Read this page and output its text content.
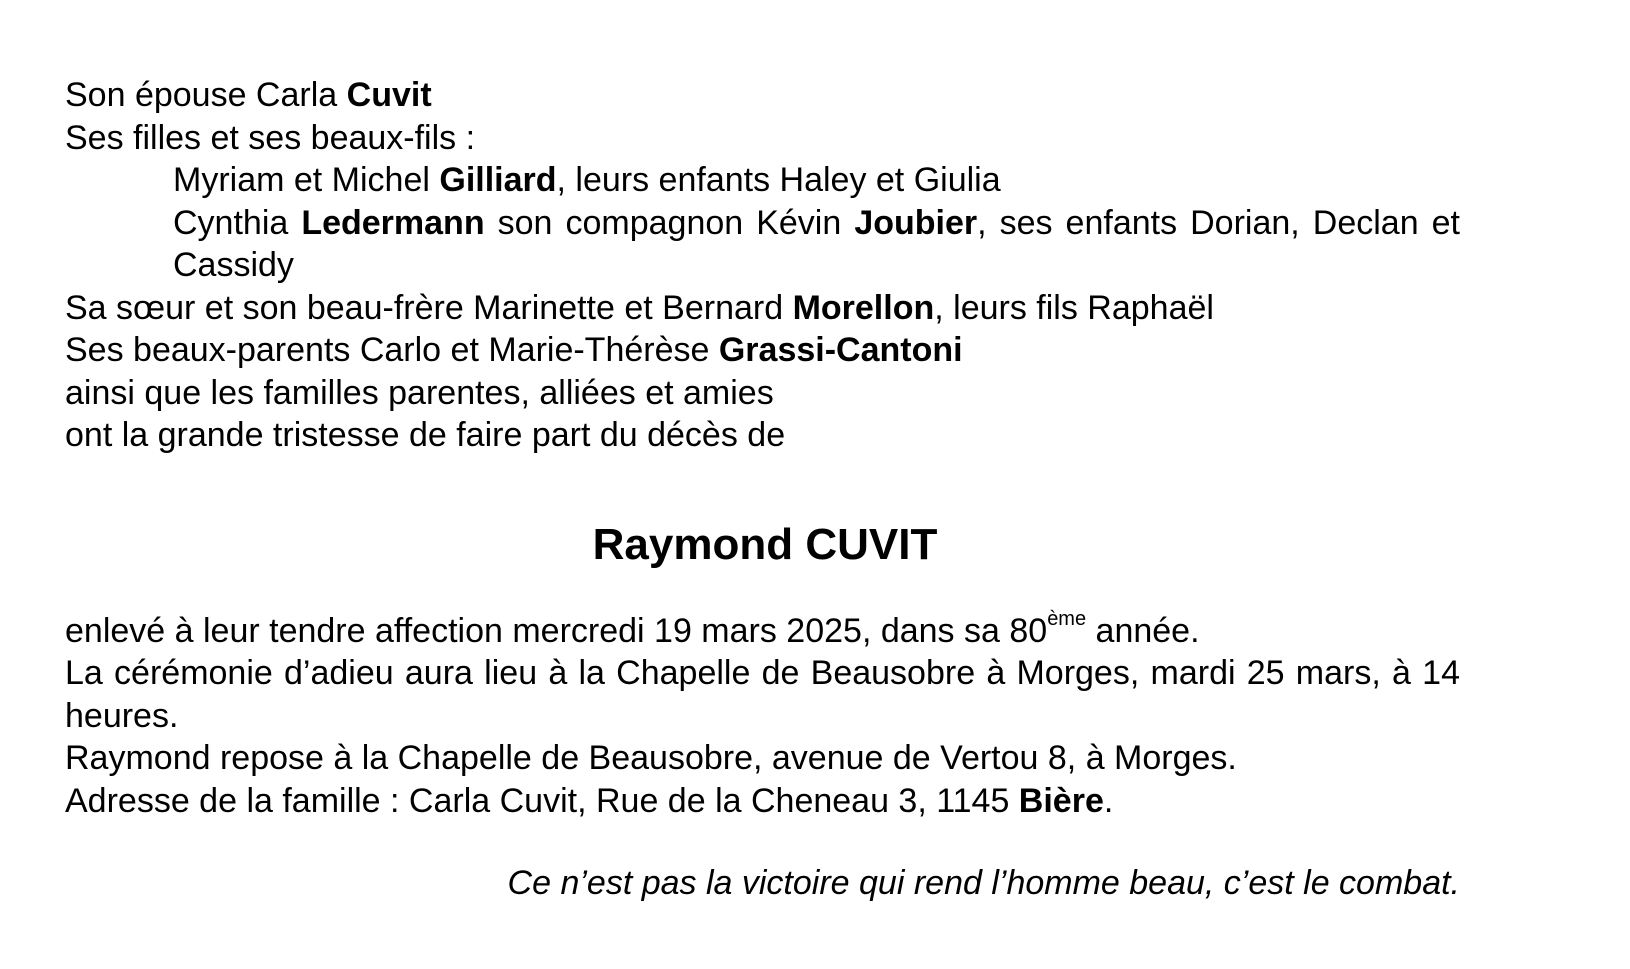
Son épouse Carla Cuvit
Ses filles et ses beaux-fils :
Myriam et Michel Gilliard, leurs enfants Haley et Giulia
Cynthia Ledermann son compagnon Kévin Joubier, ses enfants Dorian, Declan et Cassidy
Sa sœur et son beau-frère Marinette et Bernard Morellon, leurs fils Raphaël
Ses beaux-parents Carlo et Marie-Thérèse Grassi-Cantoni
ainsi que les familles parentes, alliées et amies
ont la grande tristesse de faire part du décès de
Raymond CUVIT
enlevé à leur tendre affection mercredi 19 mars 2025, dans sa 80ème année.
La cérémonie d’adieu aura lieu à la Chapelle de Beausobre à Morges, mardi 25 mars, à 14 heures.
Raymond repose à la Chapelle de Beausobre, avenue de Vertou 8, à Morges.
Adresse de la famille : Carla Cuvit, Rue de la Cheneau 3, 1145 Bière.
Ce n’est pas la victoire qui rend l’homme beau, c’est le combat.
